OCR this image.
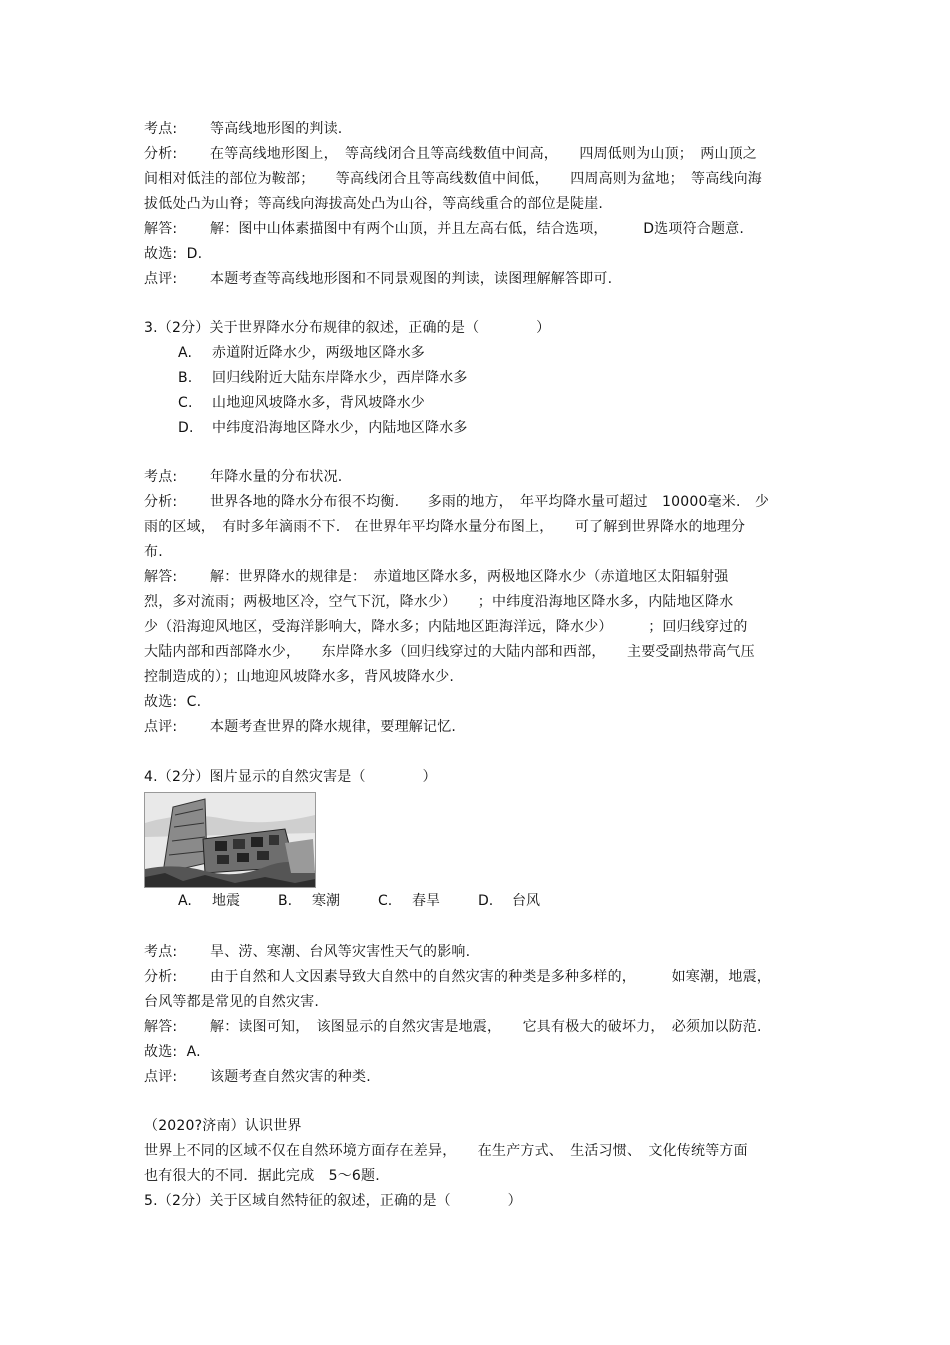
考点: 等高线地形图的判读.
分析: 在等高线地形图上，　等高线闭合且等高线数值中间高，　　四周低则为山顶；　两山顶之
间相对低洼的部位为鞍部；　　等高线闭合且等高线数值中间低，　　四周高则为盆地；　等高线向海
拔低处凸为山脊；等高线向海拔高处凸为山谷，等高线重合的部位是陡崖.
解答: 解：图中山体素描图中有两个山顶，并且左高右低，结合选项，　　　D选项符合题意.
故选: D.
点评: 本题考查等高线地形图和不同景观图的判读，读图理解解答即可.
3.（2分）关于世界降水分布规律的叙述，正确的是（　　　　）
A. 赤道附近降水少，两级地区降水多
B. 回归线附近大陆东岸降水少，西岸降水多
C. 山地迎风坡降水多，背风坡降水少
D. 中纬度沿海地区降水少，内陆地区降水多
考点: 年降水量的分布状况.
分析: 世界各地的降水分布很不均衡.　　多雨的地方，　年平均降水量可超过　10000毫米.　少
雨的区域，　有时多年滴雨不下.　在世界年平均降水量分布图上，　　可了解到世界降水的地理分
布.
解答: 解：世界降水的规律是：　赤道地区降水多，两极地区降水少（赤道地区太阳辐射强
烈，多对流雨；两极地区冷，空气下沉，降水少）　　；中纬度沿海地区降水多，内陆地区降水
少（沿海迎风地区，受海洋影响大，降水多；内陆地区距海洋远，降水少）　　　；回归线穿过的
大陆内部和西部降水少，　　东岸降水多（回归线穿过的大陆内部和西部，　　主要受副热带高气压
控制造成的）；山地迎风坡降水多，背风坡降水少.
故选: C.
点评: 本题考查世界的降水规律，要理解记忆.
4.（2分）图片显示的自然灾害是（　　　　）
A. 地震	B. 寒潮	C. 春旱	D. 台风
考点: 旱、涝、寒潮、台风等灾害性天气的影响.
分析: 由于自然和人文因素导致大自然中的自然灾害的种类是多种多样的，　　　如寒潮，地震，
台风等都是常见的自然灾害.
解答: 解：读图可知，　该图显示的自然灾害是地震，　　它具有极大的破坏力，　必须加以防范.
故选: A.
点评: 该题考查自然灾害的种类.
（2020?济南）认识世界
世界上不同的区域不仅在自然环境方面存在差异，　　在生产方式、　生活习惯、　文化传统等方面
也有很大的不同．据此完成　5～6题.
5.（2分）关于区域自然特征的叙述，正确的是（　　　　）
